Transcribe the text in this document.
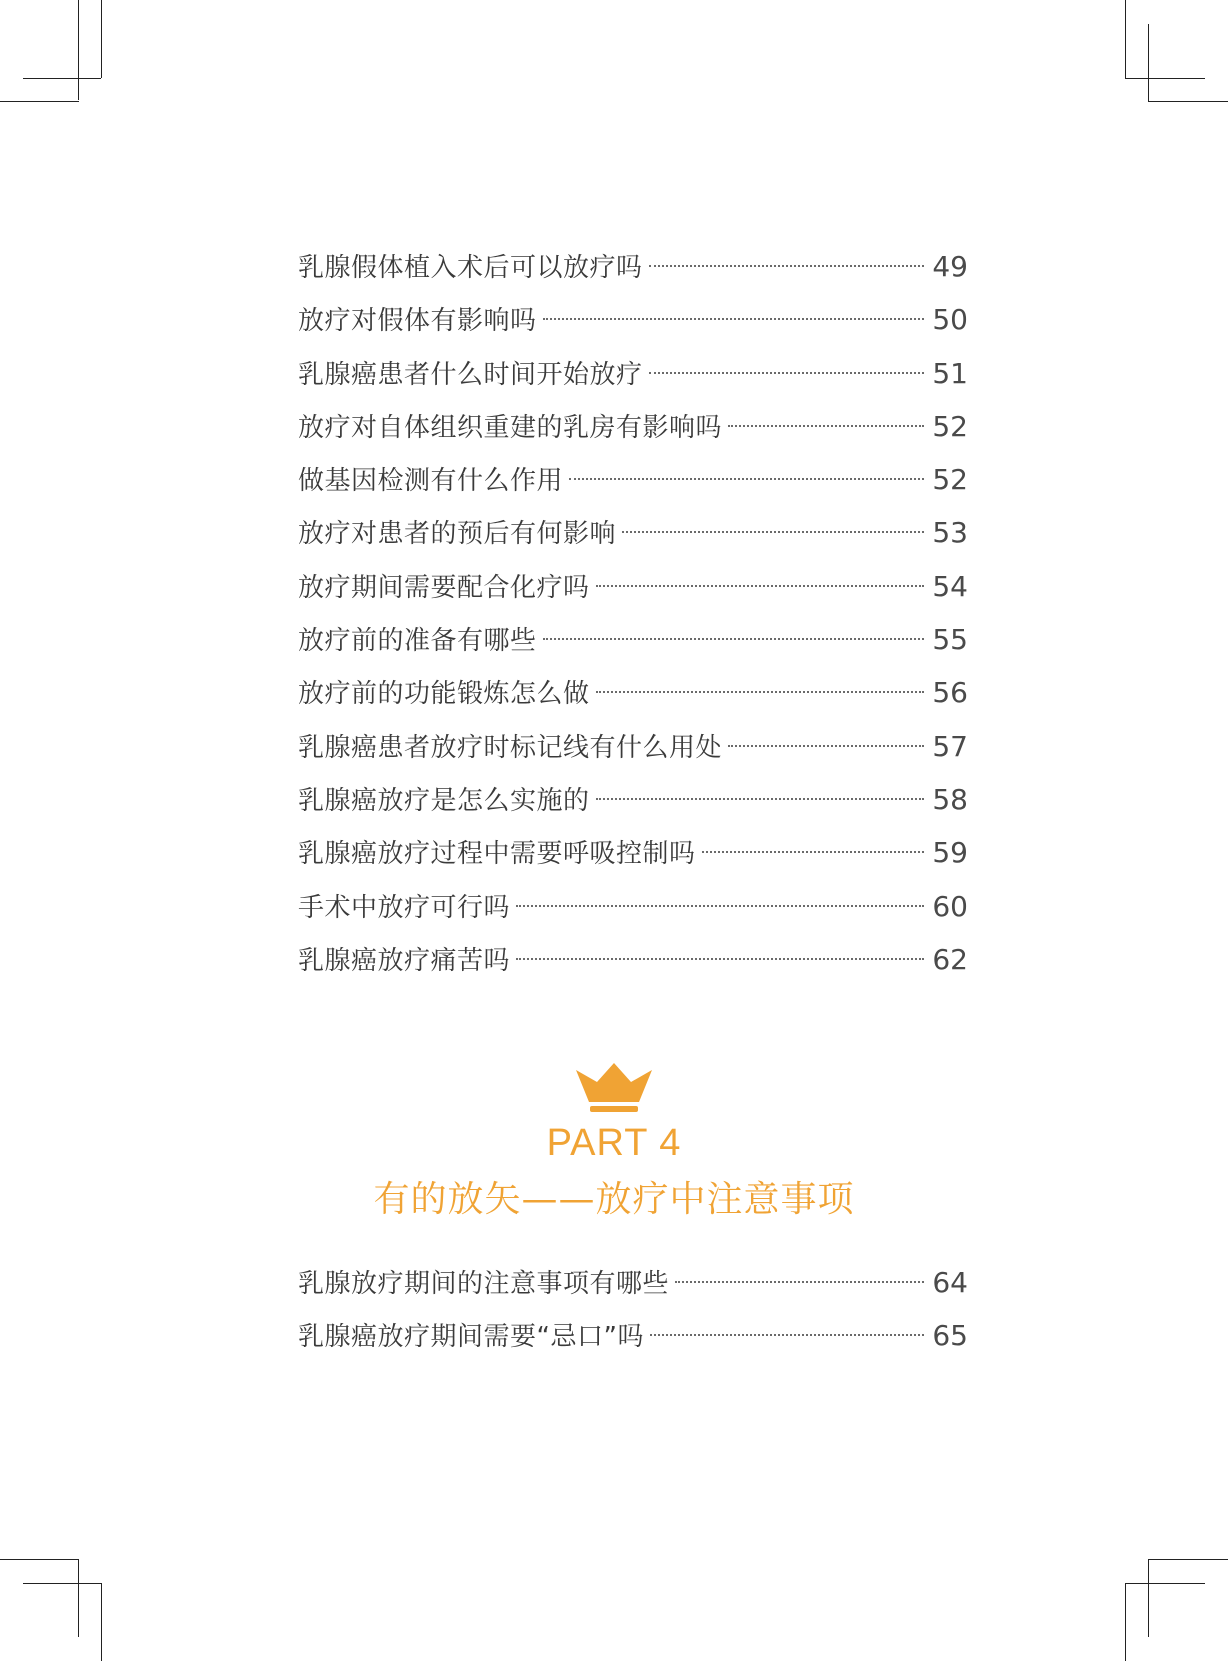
乳腺假体植入术后可以放疗吗	49
放疗对假体有影响吗	50
乳腺癌患者什么时间开始放疗	51
放疗对自体组织重建的乳房有影响吗	52
做基因检测有什么作用	52
放疗对患者的预后有何影响	53
放疗期间需要配合化疗吗	54
放疗前的准备有哪些	55
放疗前的功能锻炼怎么做	56
乳腺癌患者放疗时标记线有什么用处	57
乳腺癌放疗是怎么实施的	58
乳腺癌放疗过程中需要呼吸控制吗	59
手术中放疗可行吗	60
乳腺癌放疗痛苦吗	62
PART 4
有的放矢——放疗中注意事项
乳腺放疗期间的注意事项有哪些	64
乳腺癌放疗期间需要“忌口”吗	65
